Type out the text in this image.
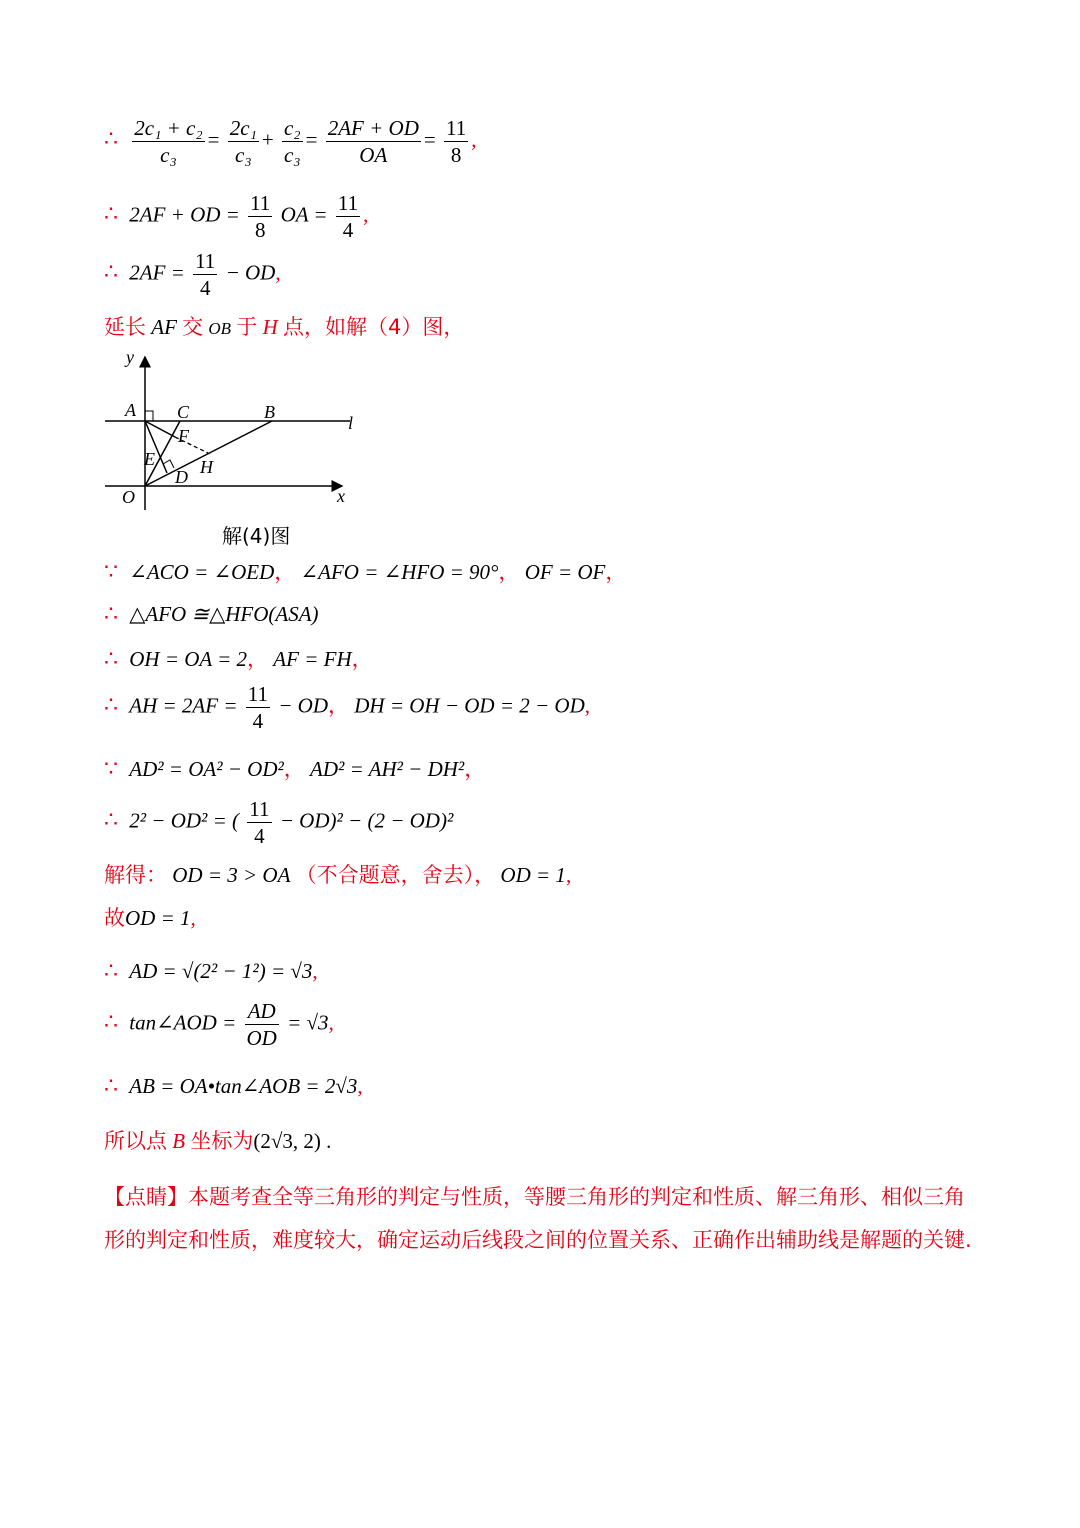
∴ $\frac{\text{2c₁ + c₂}}{\text{c₃}} = \frac{\text{2c₁}}{\text{c₃}} + \frac{\text{c₂}}{\text{c₃}} = \frac{2AF + OD}{OA} = \frac{11}{8}$ ,
∴ 2AF + OD = $\frac{11}{8}$ OA = $\frac{11}{4}$ ,
∴ $2AF = \frac{11}{4}$ − OD,
延长 AF 交 OB 于 H 点，如解（4）图，
y
x
A C	B
l
F
E
D H
O
解(4)图
∵ ∠ACO = ∠OED， ∠AFO = ∠HFO = 90°， OF = OF，
∴ △AFO ≅△HFO(ASA)
∴ OH = OA = 2， AF = FH，
∴ AH = $2AF = \frac{11}{4}$ − OD， DH = OH − OD = 2 − OD,
∵ AD² = OA² − OD²， AD² = AH² − DH²，
∴ 2² − OD² = ( $\frac{11}{4} - OD)^2 - (2 - OD)^2$
解得： OD = 3 > OA （不合题意，舍去）， OD = 1,
故OD = 1,
∴ AD = √(2² − 1²) = √3,
∴ tan∠AOD = $\frac{AD}{OD} = √3$,
∴ AB = OA•tan∠AOB = 2√3,
所以点 B 坐标为(2√3, 2) .
【点睛】本题考查全等三角形的判定与性质，等腰三角形的判定和性质、解三角形、相似三角形的判定和性质，难度较大，确定运动后线段之间的位置关系、正确作出辅助线是解题的关键.
